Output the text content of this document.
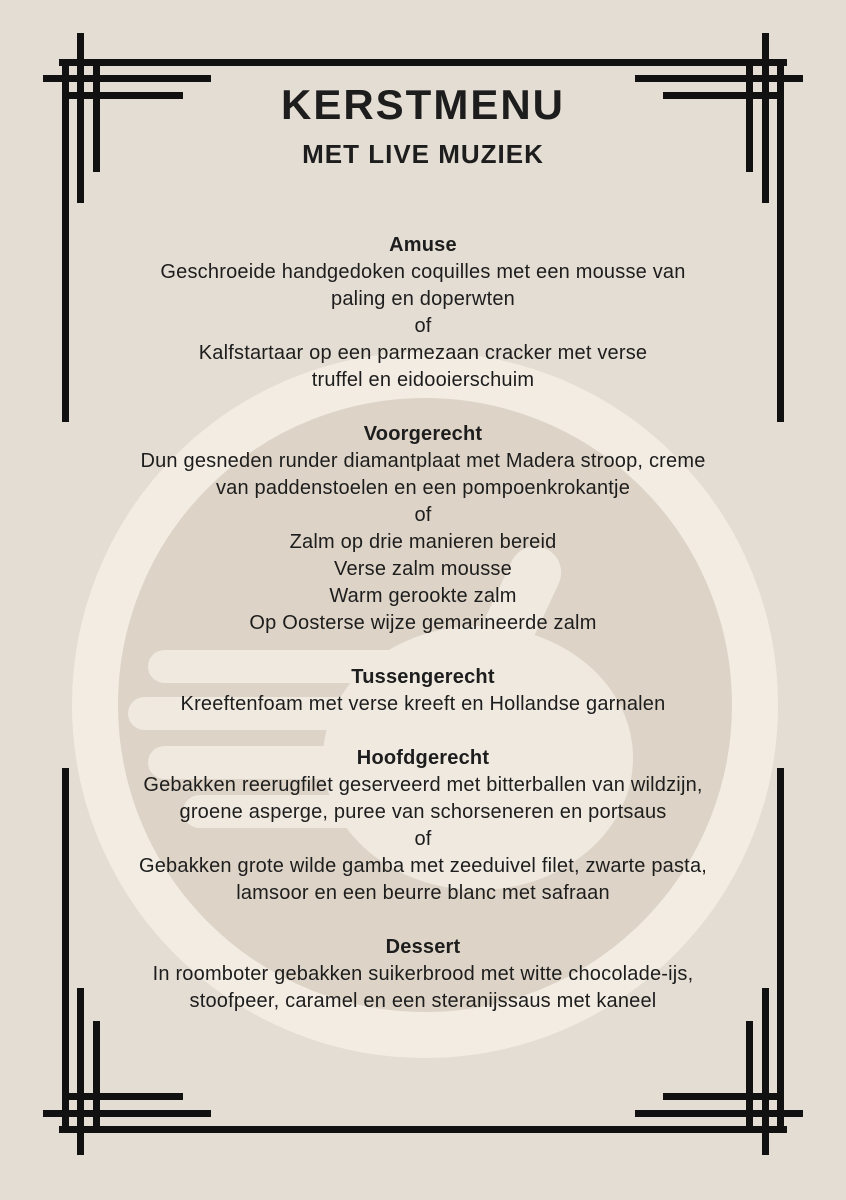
KERSTMENU
MET LIVE MUZIEK
Amuse

Geschroeide handgedoken coquilles met een mousse van

paling en doperwten

of

Kalfstartaar op een parmezaan cracker met verse

truffel en eidooierschuim

Voorgerecht

Dun gesneden runder diamantplaat met Madera stroop, creme

van paddenstoelen en een pompoenkrokantje

of

Zalm op drie manieren bereid

Verse zalm mousse

Warm gerookte zalm

Op Oosterse wijze gemarineerde zalm

Tussengerecht

Kreeftenfoam met verse kreeft en Hollandse garnalen

Hoofdgerecht

Gebakken reerugfilet geserveerd met bitterballen van wildzijn,

groene asperge, puree van schorseneren en portsaus

of

Gebakken grote wilde gamba met zeeduivel filet, zwarte pasta,

lamsoor en een beurre blanc met safraan

Dessert

In roomboter gebakken suikerbrood met witte chocolade-ijs,

stoofpeer, caramel en een steranijssaus met kaneel
